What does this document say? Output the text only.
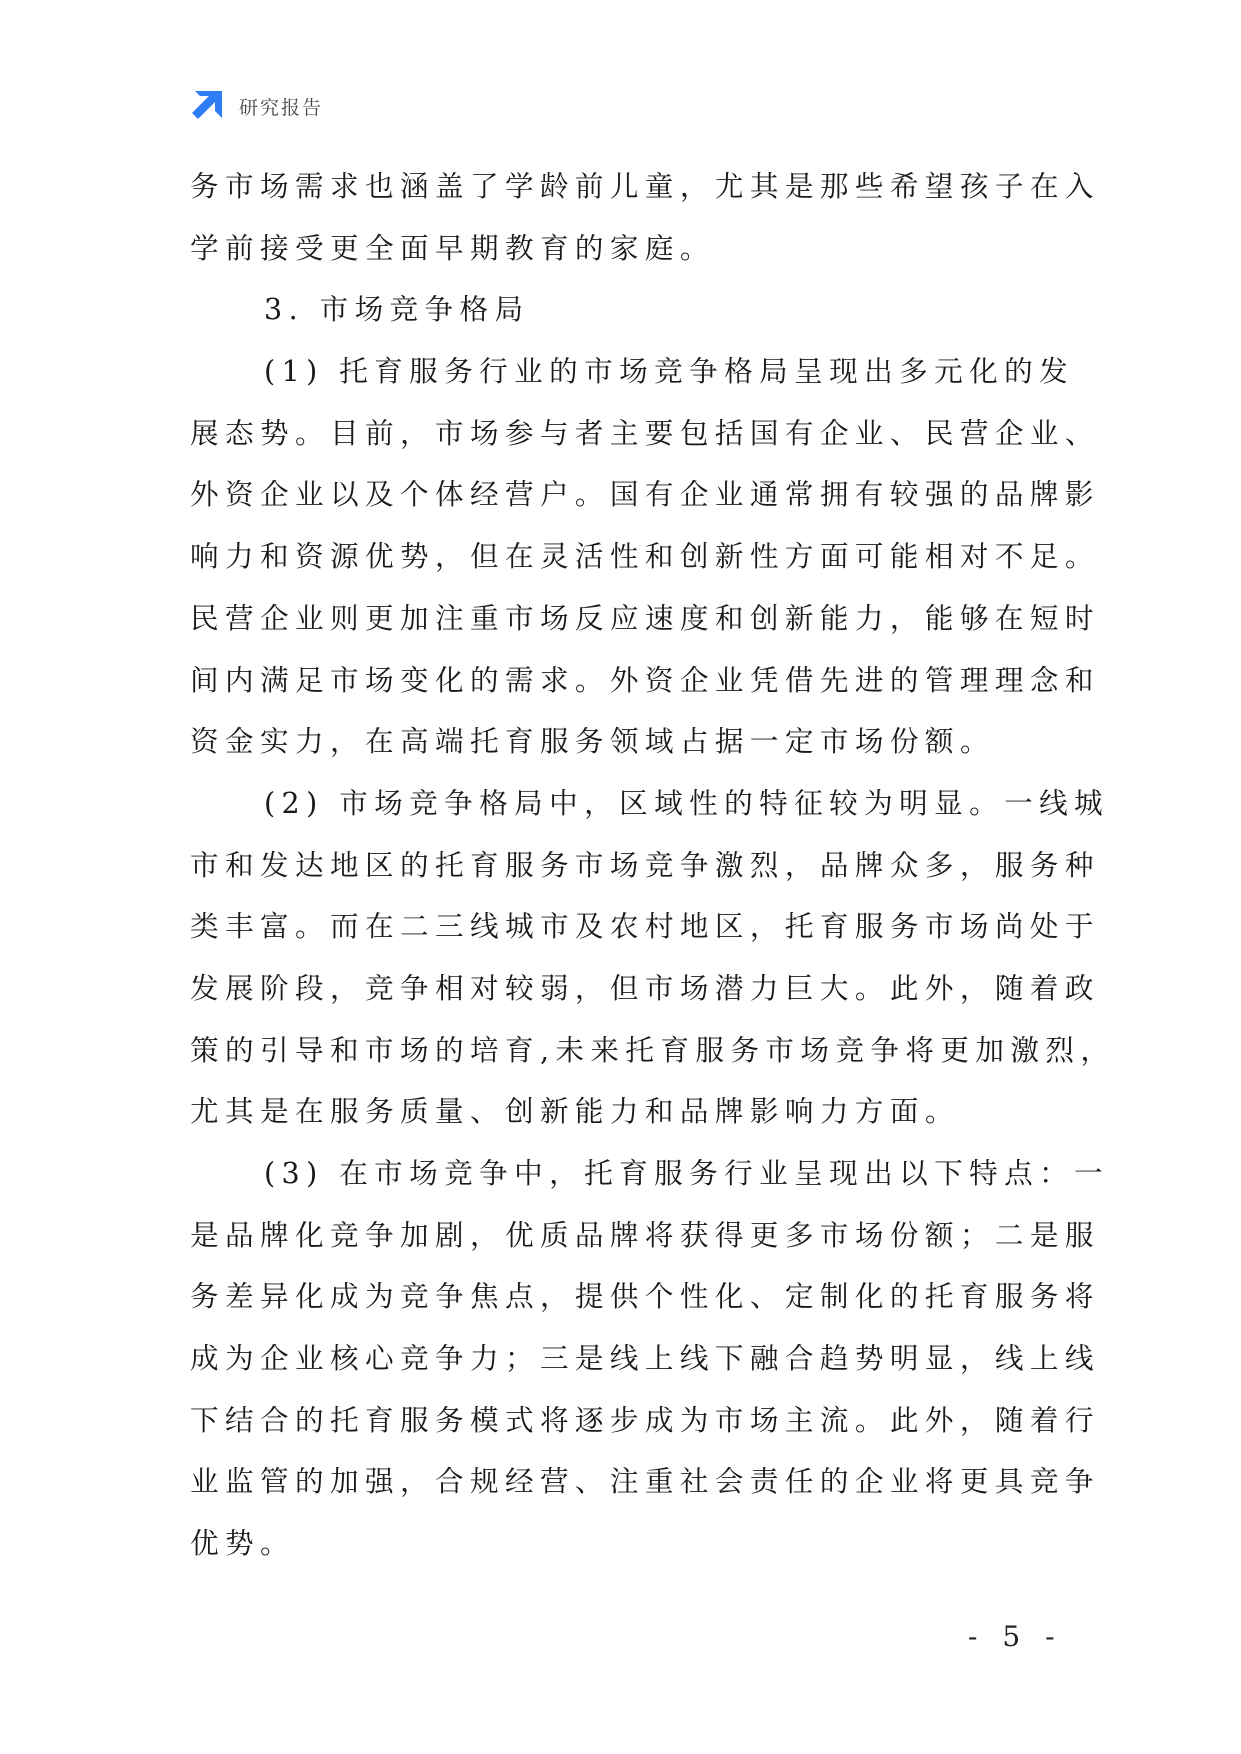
研究报告
务市场需求也涵盖了学龄前儿童，尤其是那些希望孩子在入
学前接受更全面早期教育的家庭。
3. 市场竞争格局
(1) 托育服务行业的市场竞争格局呈现出多元化的发
展态势。目前，市场参与者主要包括国有企业、民营企业、
外资企业以及个体经营户。国有企业通常拥有较强的品牌影
响力和资源优势，但在灵活性和创新性方面可能相对不足。
民营企业则更加注重市场反应速度和创新能力，能够在短时
间内满足市场变化的需求。外资企业凭借先进的管理理念和
资金实力，在高端托育服务领域占据一定市场份额。
(2) 市场竞争格局中，区域性的特征较为明显。一线城
市和发达地区的托育服务市场竞争激烈，品牌众多，服务种
类丰富。而在二三线城市及农村地区，托育服务市场尚处于
发展阶段，竞争相对较弱，但市场潜力巨大。此外，随着政
策的引导和市场的培育,未来托育服务市场竞争将更加激烈，
尤其是在服务质量、创新能力和品牌影响力方面。
(3) 在市场竞争中，托育服务行业呈现出以下特点：一
是品牌化竞争加剧，优质品牌将获得更多市场份额；二是服
务差异化成为竞争焦点，提供个性化、定制化的托育服务将
成为企业核心竞争力；三是线上线下融合趋势明显，线上线
下结合的托育服务模式将逐步成为市场主流。此外，随着行
业监管的加强，合规经营、注重社会责任的企业将更具竞争
优势。
- 5 -
